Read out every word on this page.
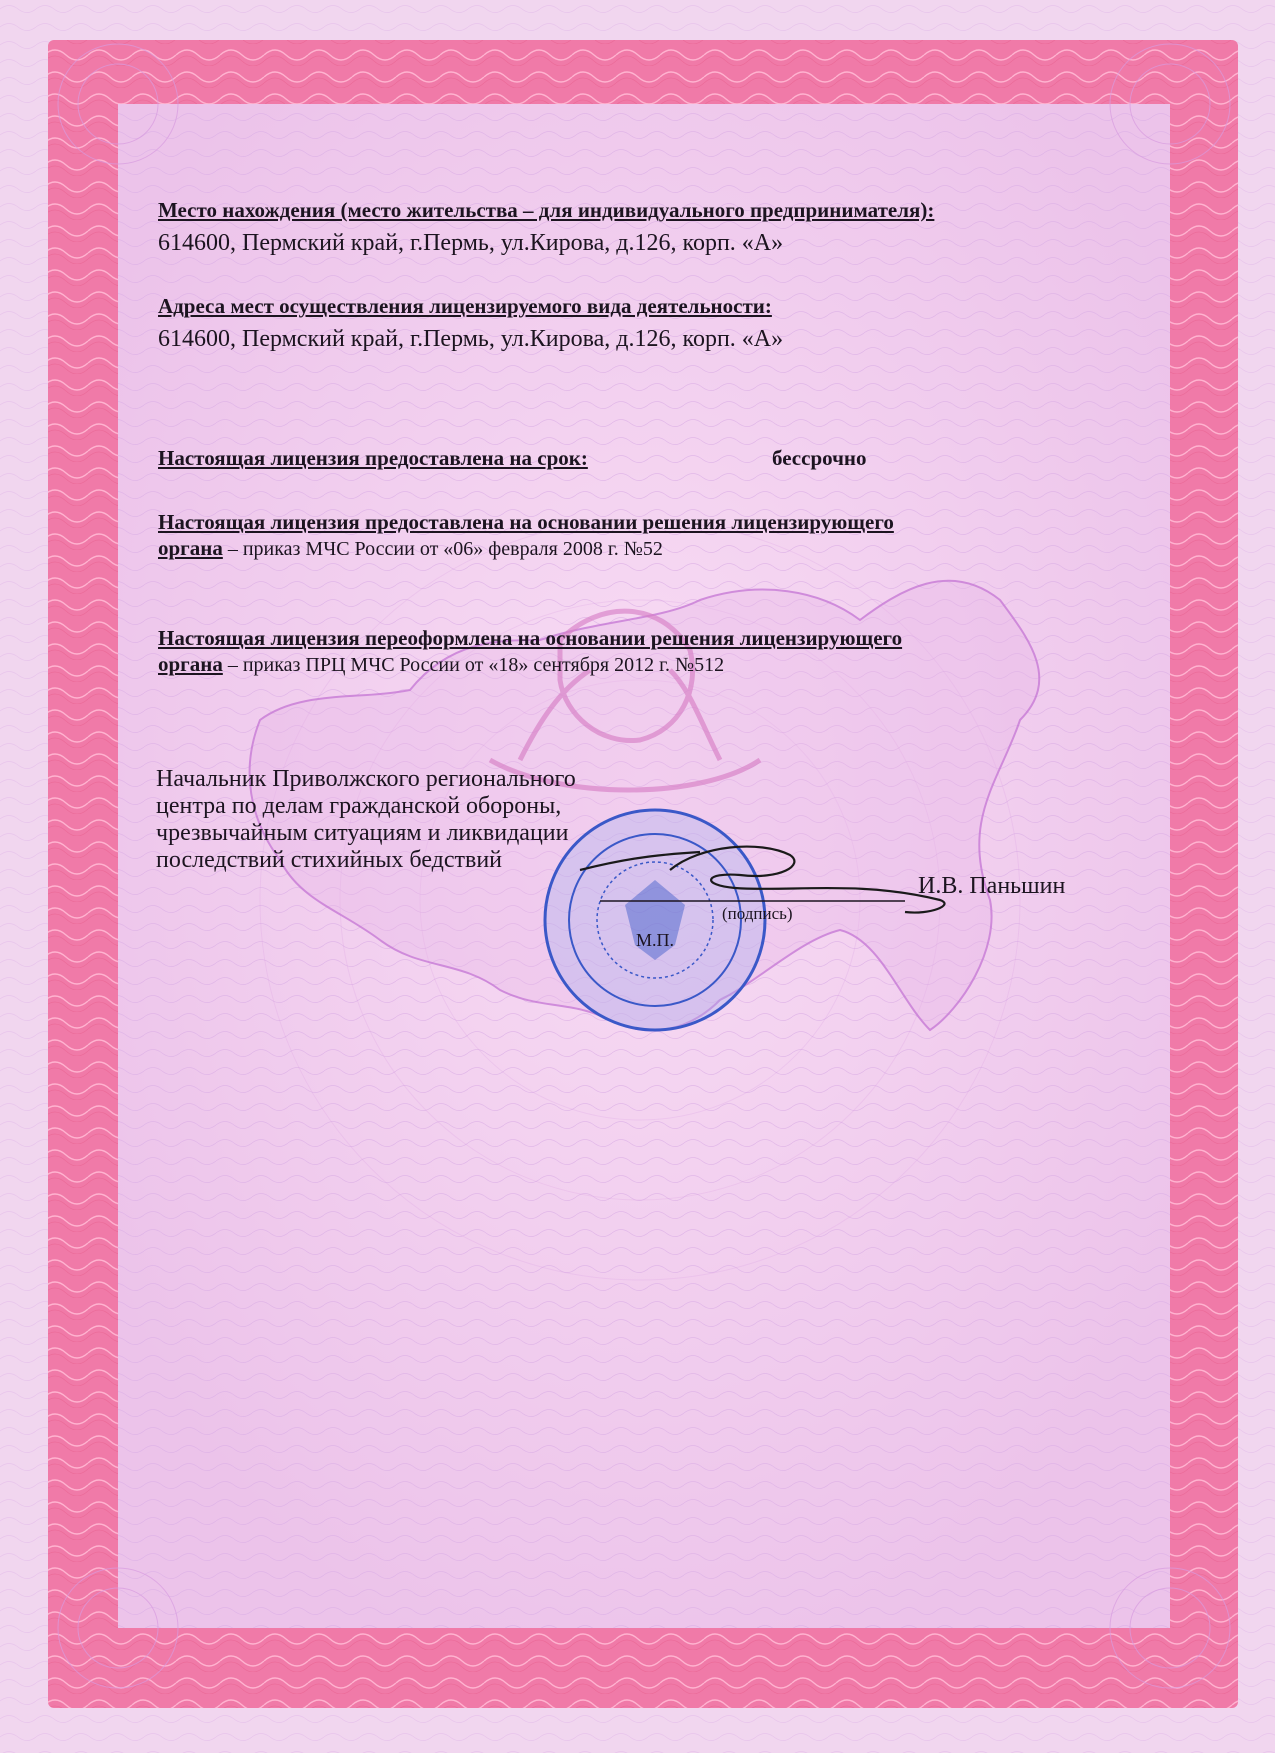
Место нахождения (место жительства – для индивидуального предпринимателя):
614600, Пермский край, г.Пермь, ул.Кирова, д.126, корп. «А»
Адреса мест осуществления лицензируемого вида деятельности:
614600, Пермский край, г.Пермь, ул.Кирова, д.126, корп. «А»
Настоящая лицензия предоставлена на срок:	бессрочно
Настоящая лицензия предоставлена на основании решения лицензирующего
органа – приказ МЧС России от «06» февраля 2008 г. №52
Настоящая лицензия переоформлена на основании решения лицензирующего
органа – приказ ПРЦ МЧС России от «18» сентября 2012 г. №512
Начальник Приволжского регионального
центра по делам гражданской обороны,
чрезвычайным ситуациям и ликвидации
последствий стихийных бедствий
И.В. Паньшин
(подпись)
М.П.
